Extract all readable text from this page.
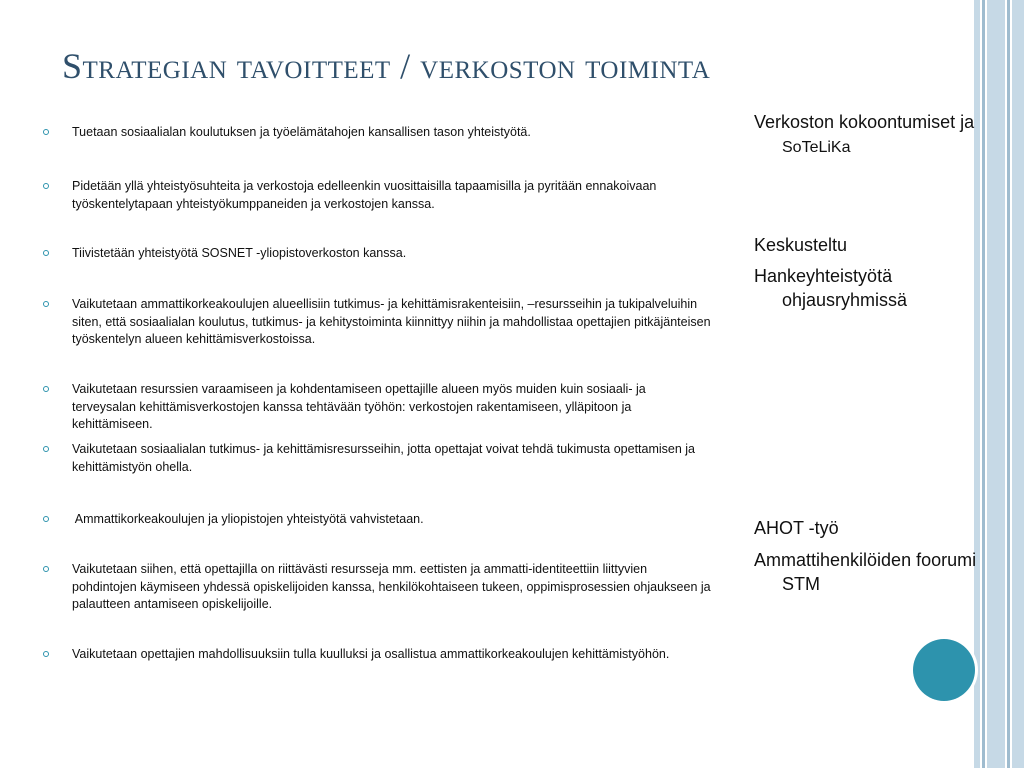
Strategian tavoitteet / verkoston toiminta
Tuetaan sosiaalialan koulutuksen ja työelämätahojen kansallisen tason yhteistyötä.
Pidetään yllä yhteistyösuhteita ja verkostoja edelleenkin vuosittaisilla tapaamisilla ja pyritään ennakoivaan työskentelytapaan yhteistyökumppaneiden ja verkostojen kanssa.
Tiivistetään yhteistyötä SOSNET -yliopistoverkoston kanssa.
Vaikutetaan ammattikorkeakoulujen alueellisiin tutkimus- ja kehittämisrakenteisiin, –resursseihin ja tukipalveluihin siten, että sosiaalialan koulutus, tutkimus- ja kehitystoiminta kiinnittyy niihin ja mahdollistaa opettajien pitkäjänteisen työskentelyn alueen kehittämisverkostoissa.
Vaikutetaan resurssien varaamiseen ja kohdentamiseen opettajille alueen myös muiden kuin sosiaali- ja terveysalan kehittämisverkostojen kanssa tehtävään työhön: verkostojen rakentamiseen, ylläpitoon ja kehittämiseen.
Vaikutetaan sosiaalialan tutkimus- ja kehittämisresursseihin, jotta opettajat voivat tehdä tukimusta opettamisen ja kehittämistyön ohella.
Ammattikorkeakoulujen ja yliopistojen yhteistyötä vahvistetaan.
Vaikutetaan siihen, että opettajilla on riittävästi resursseja mm. eettisten ja ammatti-identiteettiin liittyvien pohdintojen käymiseen yhdessä opiskelijoiden kanssa, henkilökohtaiseen tukeen, oppimisprosessien ohjaukseen ja palautteen antamiseen opiskelijoille.
Vaikutetaan opettajien mahdollisuuksiin tulla kuulluksi ja osallistua ammattikorkeakoulujen kehittämistyöhön.
Verkoston kokoontumiset ja SoTeLiKa
Keskusteltu
Hankeyhteistyötä ohjausryhmissä
AHOT -työ
Ammattihenkilöiden foorumi STM
